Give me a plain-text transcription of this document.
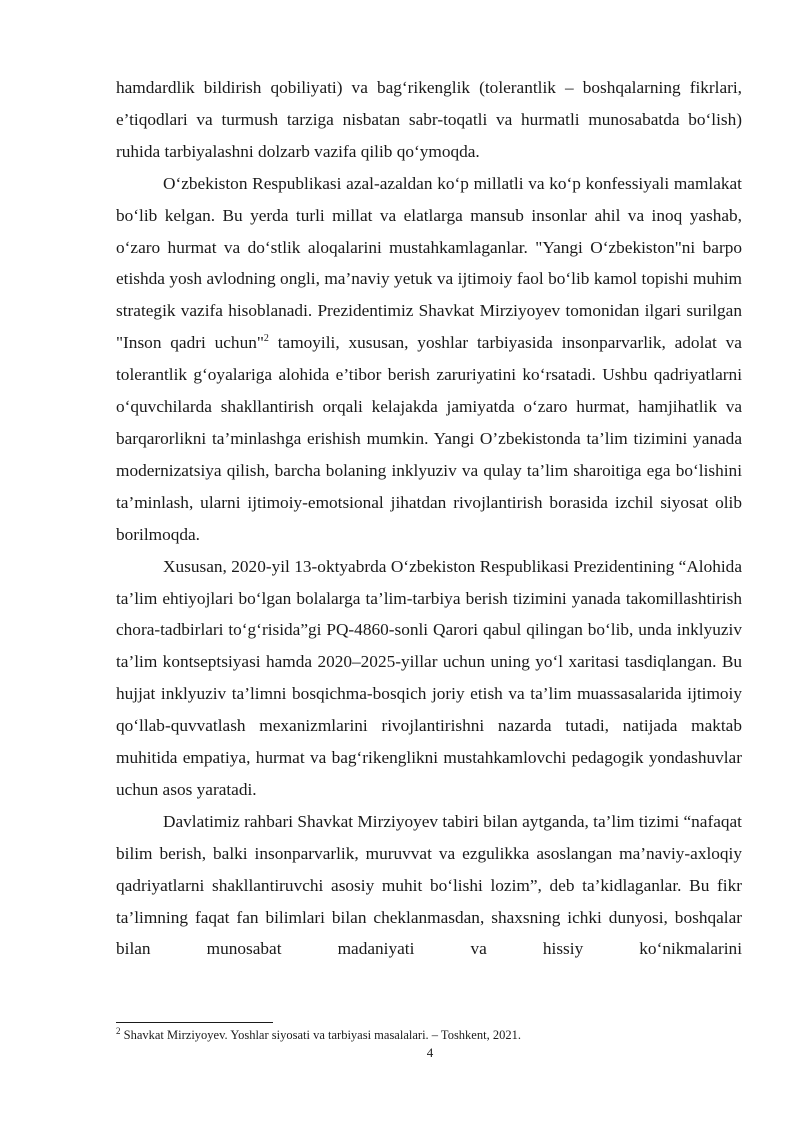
hamdardlik bildirish qobiliyati) va bag‘rikenglik (tolerantlik – boshqalarning fikrlari, e’tiqodlari va turmush tarziga nisbatan sabr-toqatli va hurmatli munosabatda bo‘lish) ruhida tarbiyalashni dolzarb vazifa qilib qo‘ymoqda.

O‘zbekiston Respublikasi azal-azaldan ko‘p millatli va ko‘p konfessiyali mamlakat bo‘lib kelgan. Bu yerda turli millat va elatlarga mansub insonlar ahil va inoq yashab, o‘zaro hurmat va do‘stlik aloqalarini mustahkamlaganlar. "Yangi O‘zbekiston"ni barpo etishda yosh avlodning ongli, ma’naviy yetuk va ijtimoiy faol bo‘lib kamol topishi muhim strategik vazifa hisoblanadi. Prezidentimiz Shavkat Mirziyoyev tomonidan ilgari surilgan "Inson qadri uchun"$^2$ tamoyili, xususan, yoshlar tarbiyasida insonparvarlik, adolat va tolerantlik g‘oyalariga alohida e’tibor berish zaruriyatini ko‘rsatadi. Ushbu qadriyatlarni o‘quvchilarda shakllantirish orqali kelajakda jamiyatda o‘zaro hurmat, hamjihatlik va barqarorlikni ta’minlashga erishish mumkin. Yangi O’zbekistonda ta’lim tizimini yanada modernizatsiya qilish, barcha bolaning inklyuziv va qulay ta’lim sharoitiga ega bo‘lishini ta’minlash, ularni ijtimoiy-emotsional jihatdan rivojlantirish borasida izchil siyosat olib borilmoqda.

Xususan, 2020-yil 13-oktyabrda O‘zbekiston Respublikasi Prezidentining “Alohida ta’lim ehtiyojlari bo‘lgan bolalarga ta’lim-tarbiya berish tizimini yanada takomillashtirish chora-tadbirlari to‘g‘risida”gi PQ-4860-sonli Qarori qabul qilingan bo‘lib, unda inklyuziv ta’lim kontseptsiyasi hamda 2020–2025-yillar uchun uning yo‘l xaritasi tasdiqlangan. Bu hujjat inklyuziv ta’limni bosqichma-bosqich joriy etish va ta’lim muassasalarida ijtimoiy qo‘llab-quvvatlash mexanizmlarini rivojlantirishni nazarda tutadi, natijada maktab muhitida empatiya, hurmat va bag‘rikenglikni mustahkamlovchi pedagogik yondashuvlar uchun asos yaratadi.

Davlatimiz rahbari Shavkat Mirziyoyev tabiri bilan aytganda, ta’lim tizimi “nafaqat bilim berish, balki insonparvarlik, muruvvat va ezgulikka asoslangan ma’naviy-axloqiy qadriyatlarni shakllantiruvchi asosiy muhit bo‘lishi lozim”, deb ta’kidlaganlar. Bu fikr ta’limning faqat fan bilimlari bilan cheklanmasdan, shaxsning ichki dunyosi, boshqalar bilan munosabat madaniyati va hissiy ko‘nikmalarini

$^2$ Shavkat Mirziyoyev. Yoshlar siyosati va tarbiyasi masalalari. – Toshkent, 2021.
4
